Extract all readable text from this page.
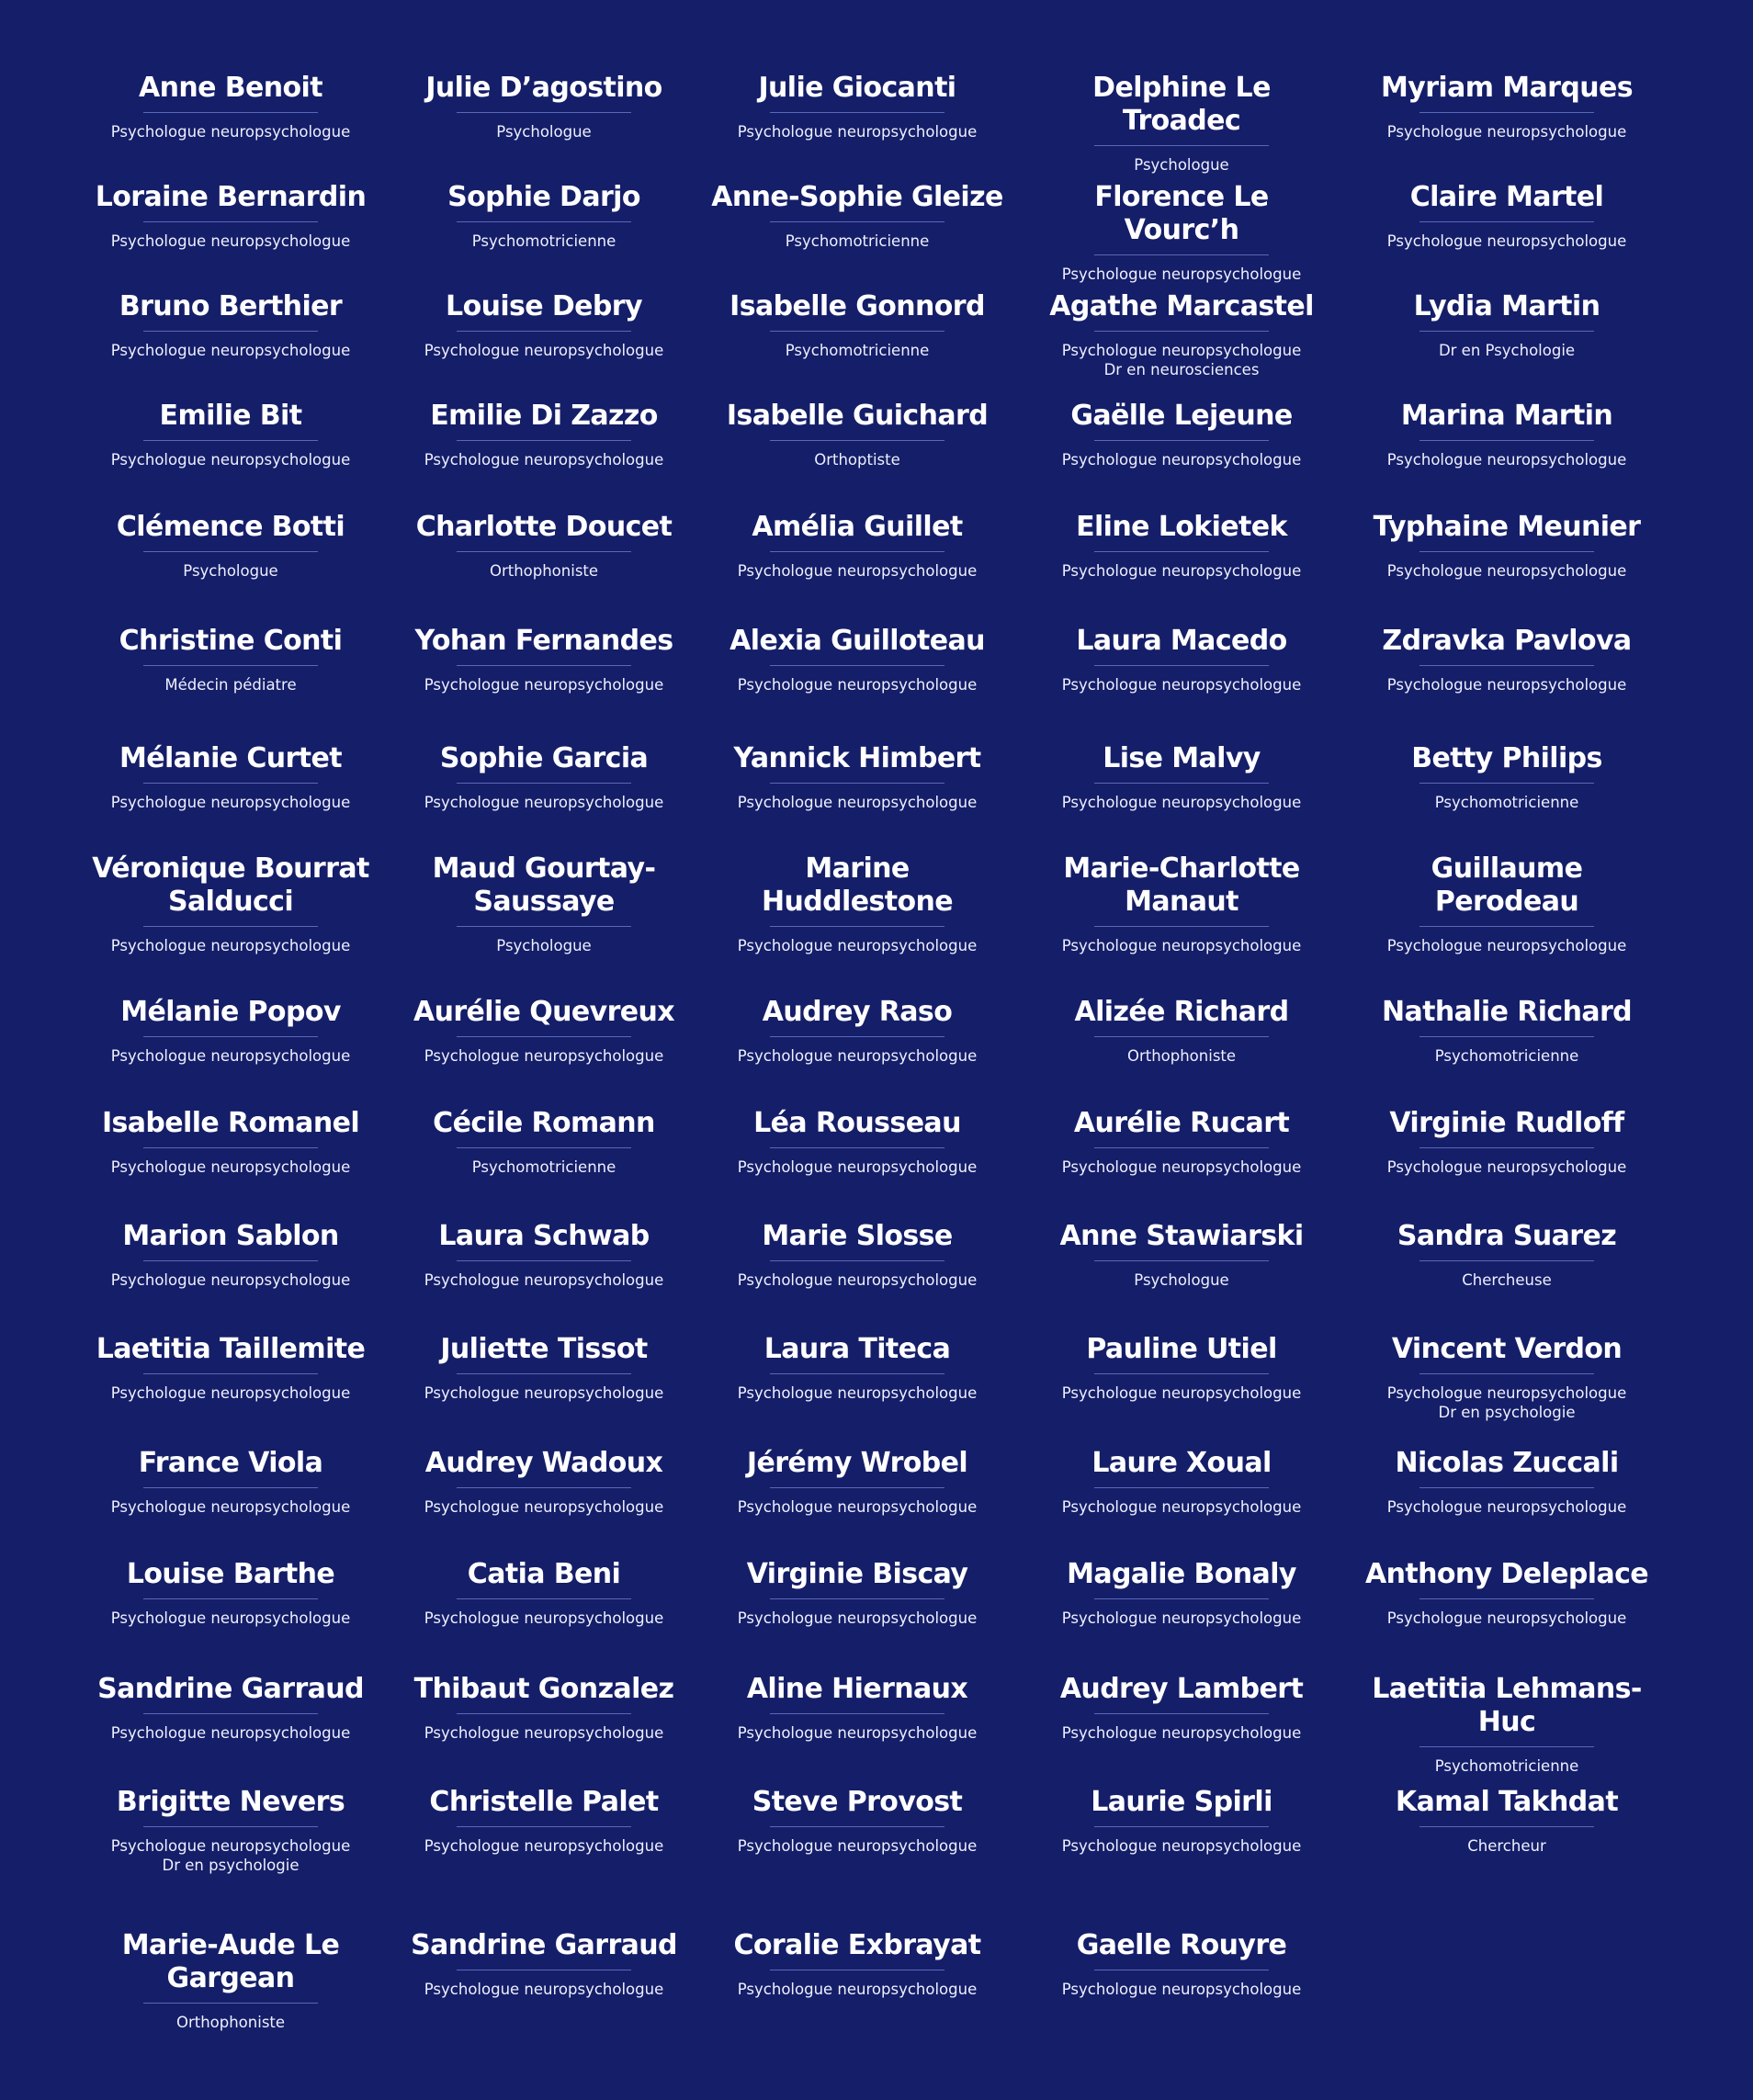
Anne Benoit
Psychologue neuropsychologue
Loraine Bernardin
Psychologue neuropsychologue
Bruno Berthier
Psychologue neuropsychologue
Emilie Bit
Psychologue neuropsychologue
Clémence Botti
Psychologue
Christine Conti
Médecin pédiatre
Mélanie Curtet
Psychologue neuropsychologue
Véronique Bourrat
Salducci
Psychologue neuropsychologue
Mélanie Popov
Psychologue neuropsychologue
Isabelle Romanel
Psychologue neuropsychologue
Marion Sablon
Psychologue neuropsychologue
Laetitia Taillemite
Psychologue neuropsychologue
France Viola
Psychologue neuropsychologue
Louise Barthe
Psychologue neuropsychologue
Sandrine Garraud
Psychologue neuropsychologue
Brigitte Nevers
Psychologue neuropsychologue
Dr en psychologie
Marie-Aude Le
Gargean
Orthophoniste
Julie D’agostino
Psychologue
Sophie Darjo
Psychomotricienne
Louise Debry
Psychologue neuropsychologue
Emilie Di Zazzo
Psychologue neuropsychologue
Charlotte Doucet
Orthophoniste
Yohan Fernandes
Psychologue neuropsychologue
Sophie Garcia
Psychologue neuropsychologue
Maud Gourtay-
Saussaye
Psychologue
Aurélie Quevreux
Psychologue neuropsychologue
Cécile Romann
Psychomotricienne
Laura Schwab
Psychologue neuropsychologue
Juliette Tissot
Psychologue neuropsychologue
Audrey Wadoux
Psychologue neuropsychologue
Catia Beni
Psychologue neuropsychologue
Thibaut Gonzalez
Psychologue neuropsychologue
Christelle Palet
Psychologue neuropsychologue
Sandrine Garraud
Psychologue neuropsychologue
Julie Giocanti
Psychologue neuropsychologue
Anne-Sophie Gleize
Psychomotricienne
Isabelle Gonnord
Psychomotricienne
Isabelle Guichard
Orthoptiste
Amélia Guillet
Psychologue neuropsychologue
Alexia Guilloteau
Psychologue neuropsychologue
Yannick Himbert
Psychologue neuropsychologue
Marine
Huddlestone
Psychologue neuropsychologue
Audrey Raso
Psychologue neuropsychologue
Léa Rousseau
Psychologue neuropsychologue
Marie Slosse
Psychologue neuropsychologue
Laura Titeca
Psychologue neuropsychologue
Jérémy Wrobel
Psychologue neuropsychologue
Virginie Biscay
Psychologue neuropsychologue
Aline Hiernaux
Psychologue neuropsychologue
Steve Provost
Psychologue neuropsychologue
Coralie Exbrayat
Psychologue neuropsychologue
Delphine Le Troadec
Psychologue
Florence Le Vourc’h
Psychologue neuropsychologue
Agathe Marcastel
Psychologue neuropsychologue
Dr en neurosciences
Gaëlle Lejeune
Psychologue neuropsychologue
Eline Lokietek
Psychologue neuropsychologue
Laura Macedo
Psychologue neuropsychologue
Lise Malvy
Psychologue neuropsychologue
Marie-Charlotte
Manaut
Psychologue neuropsychologue
Alizée Richard
Orthophoniste
Aurélie Rucart
Psychologue neuropsychologue
Anne Stawiarski
Psychologue
Pauline Utiel
Psychologue neuropsychologue
Laure Xoual
Psychologue neuropsychologue
Magalie Bonaly
Psychologue neuropsychologue
Audrey Lambert
Psychologue neuropsychologue
Laurie Spirli
Psychologue neuropsychologue
Gaelle Rouyre
Psychologue neuropsychologue
Myriam Marques
Psychologue neuropsychologue
Claire Martel
Psychologue neuropsychologue
Lydia Martin
Dr en Psychologie
Marina Martin
Psychologue neuropsychologue
Typhaine Meunier
Psychologue neuropsychologue
Zdravka Pavlova
Psychologue neuropsychologue
Betty Philips
Psychomotricienne
Guillaume
Perodeau
Psychologue neuropsychologue
Nathalie Richard
Psychomotricienne
Virginie Rudloff
Psychologue neuropsychologue
Sandra Suarez
Chercheuse
Vincent Verdon
Psychologue neuropsychologue
Dr en psychologie
Nicolas Zuccali
Psychologue neuropsychologue
Anthony Deleplace
Psychologue neuropsychologue
Laetitia Lehmans-Huc
Psychomotricienne
Kamal Takhdat
Chercheur
